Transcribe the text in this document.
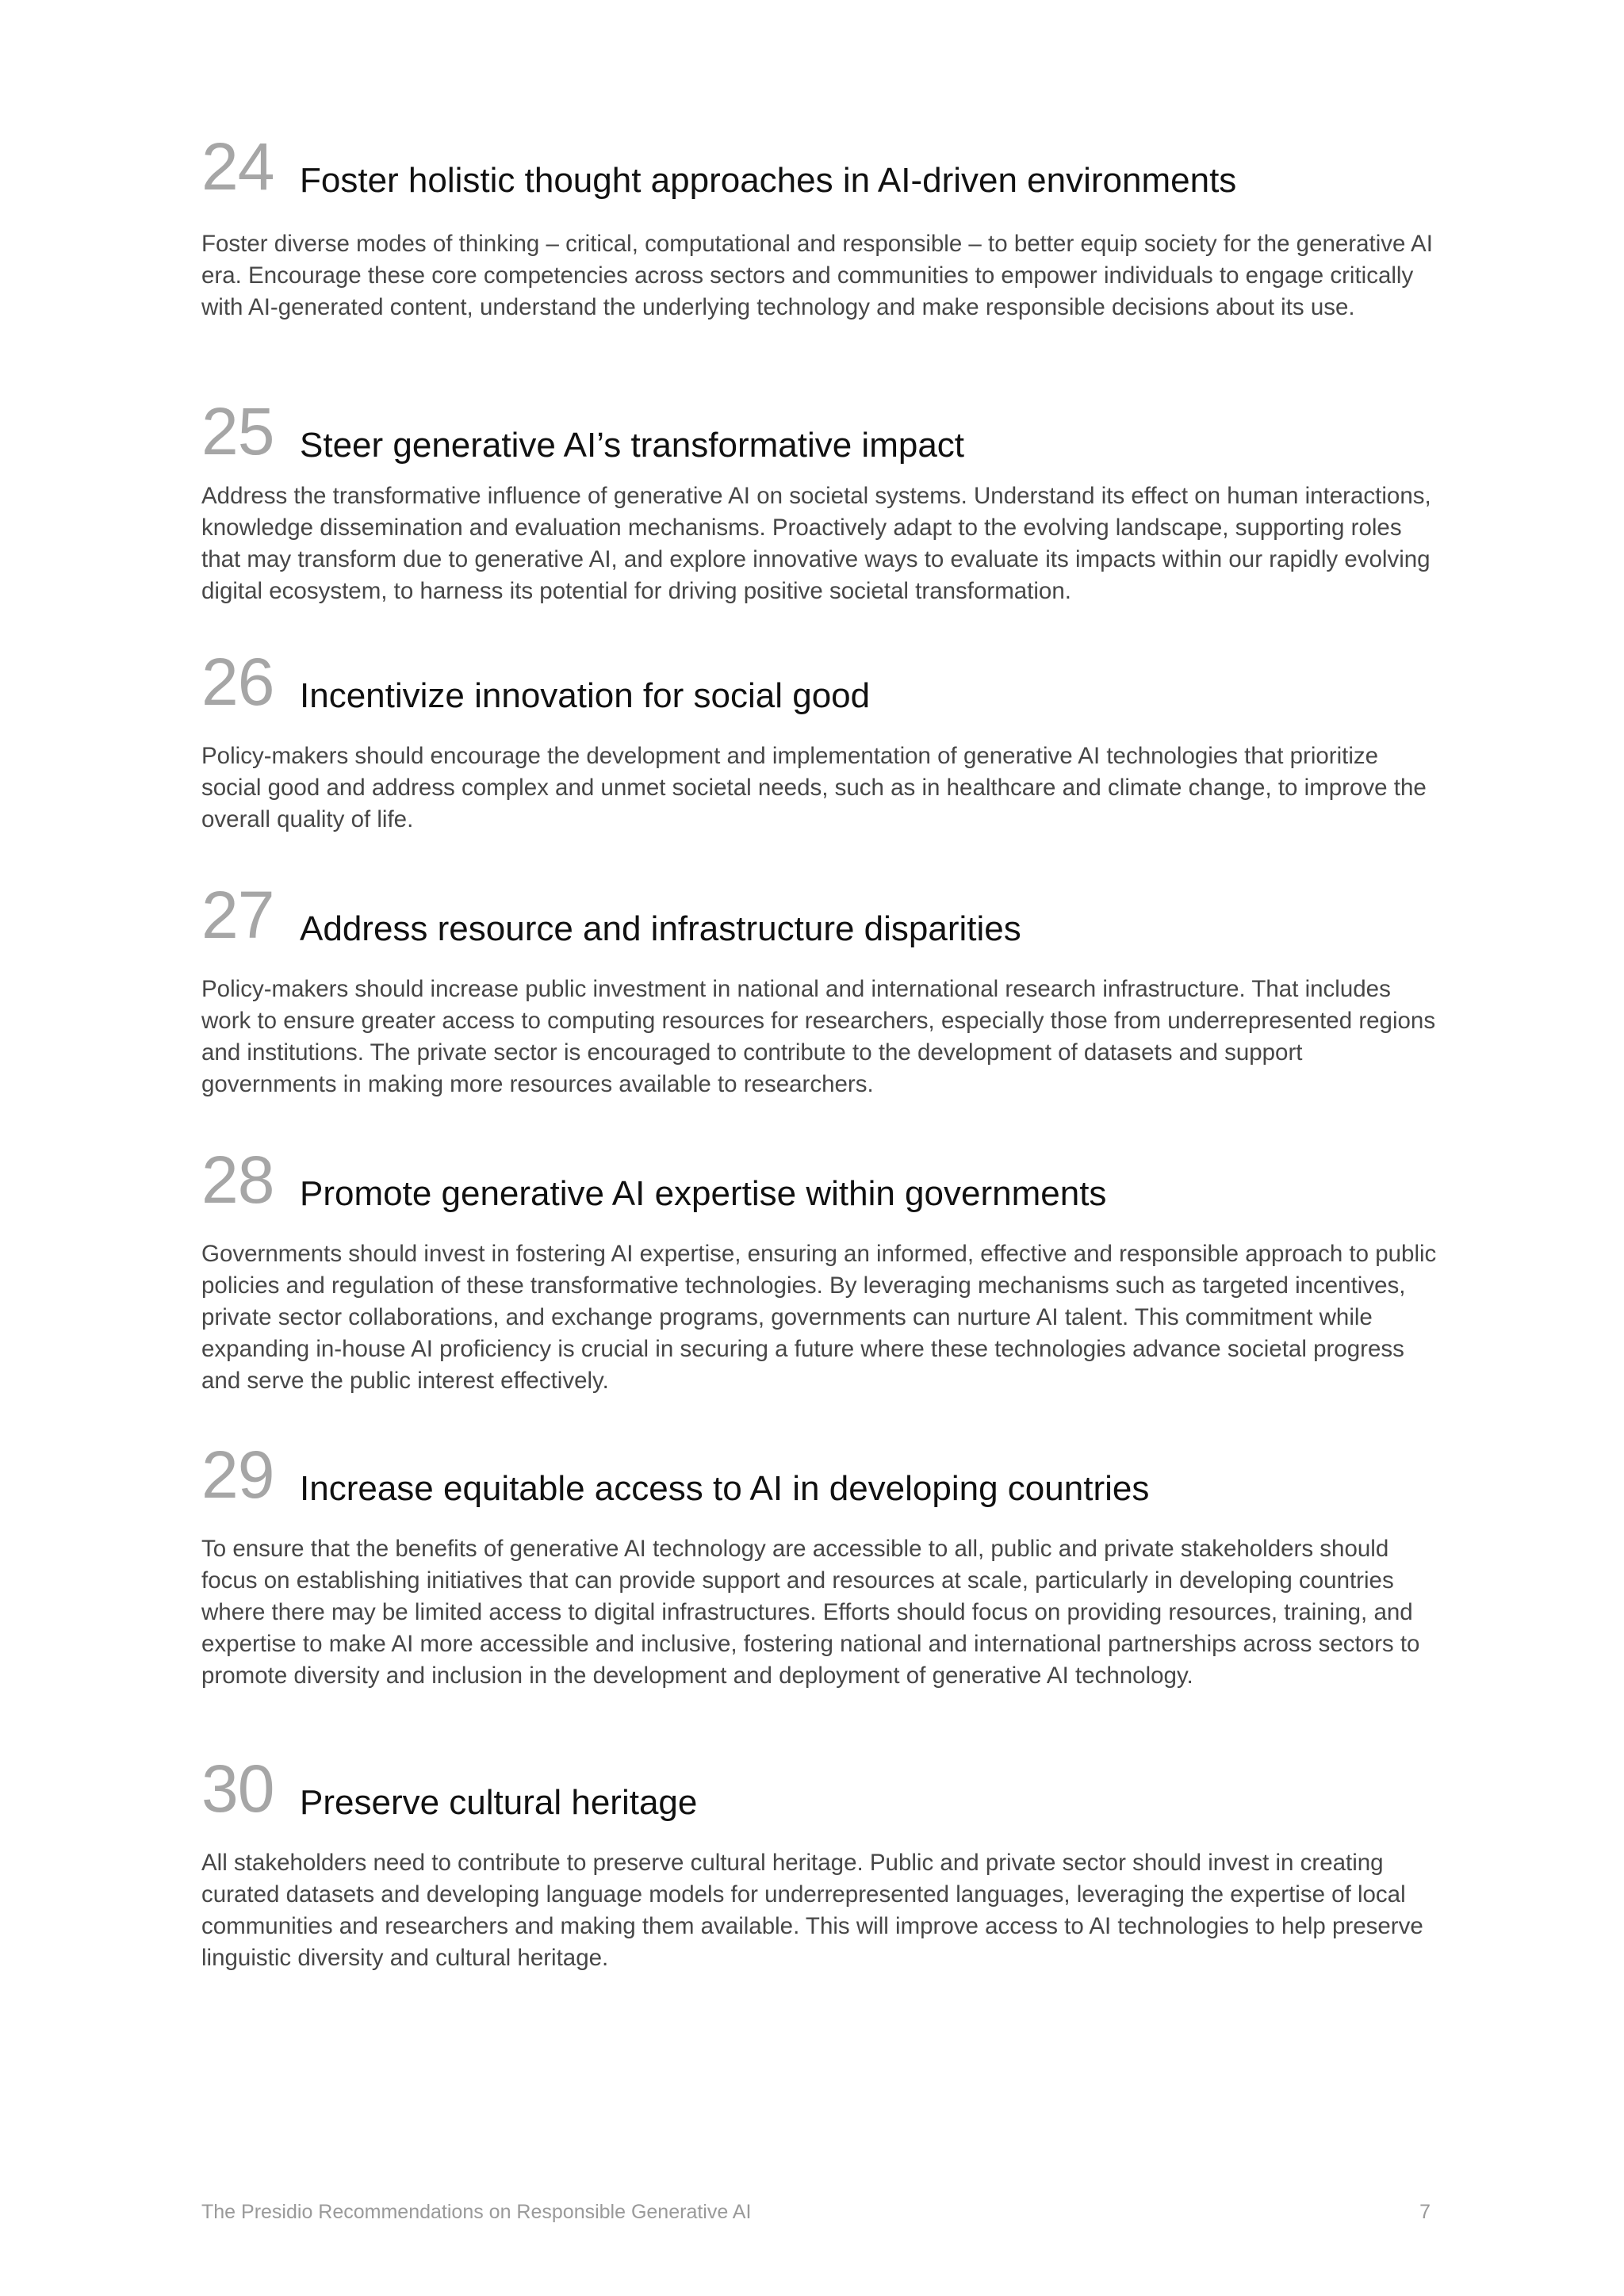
24 Foster holistic thought approaches in AI-driven environments

Foster diverse modes of thinking – critical, computational and responsible – to better equip society for the generative AI era. Encourage these core competencies across sectors and communities to empower individuals to engage critically with AI-generated content, understand the underlying technology and make responsible decisions about its use.

25 Steer generative AI’s transformative impact

Address the transformative influence of generative AI on societal systems. Understand its effect on human interactions, knowledge dissemination and evaluation mechanisms. Proactively adapt to the evolving landscape, supporting roles that may transform due to generative AI, and explore innovative ways to evaluate its impacts within our rapidly evolving digital ecosystem, to harness its potential for driving positive societal transformation.

26 Incentivize innovation for social good

Policy-makers should encourage the development and implementation of generative AI technologies that prioritize social good and address complex and unmet societal needs, such as in healthcare and climate change, to improve the overall quality of life.

27 Address resource and infrastructure disparities

Policy-makers should increase public investment in national and international research infrastructure. That includes work to ensure greater access to computing resources for researchers, especially those from underrepresented regions and institutions. The private sector is encouraged to contribute to the development of datasets and support governments in making more resources available to researchers.

28 Promote generative AI expertise within governments

Governments should invest in fostering AI expertise, ensuring an informed, effective and responsible approach to public policies and regulation of these transformative technologies. By leveraging mechanisms such as targeted incentives, private sector collaborations, and exchange programs, governments can nurture AI talent. This commitment while expanding in-house AI proficiency is crucial in securing a future where these technologies advance societal progress and serve the public interest effectively.

29 Increase equitable access to AI in developing countries

To ensure that the benefits of generative AI technology are accessible to all, public and private stakeholders should focus on establishing initiatives that can provide support and resources at scale, particularly in developing countries where there may be limited access to digital infrastructures. Efforts should focus on providing resources, training, and expertise to make AI more accessible and inclusive, fostering national and international partnerships across sectors to promote diversity and inclusion in the development and deployment of generative AI technology.

30 Preserve cultural heritage

All stakeholders need to contribute to preserve cultural heritage. Public and private sector should invest in creating curated datasets and developing language models for underrepresented languages, leveraging the expertise of local communities and researchers and making them available. This will improve access to AI technologies to help preserve linguistic diversity and cultural heritage.

The Presidio Recommendations on Responsible Generative AI	7
